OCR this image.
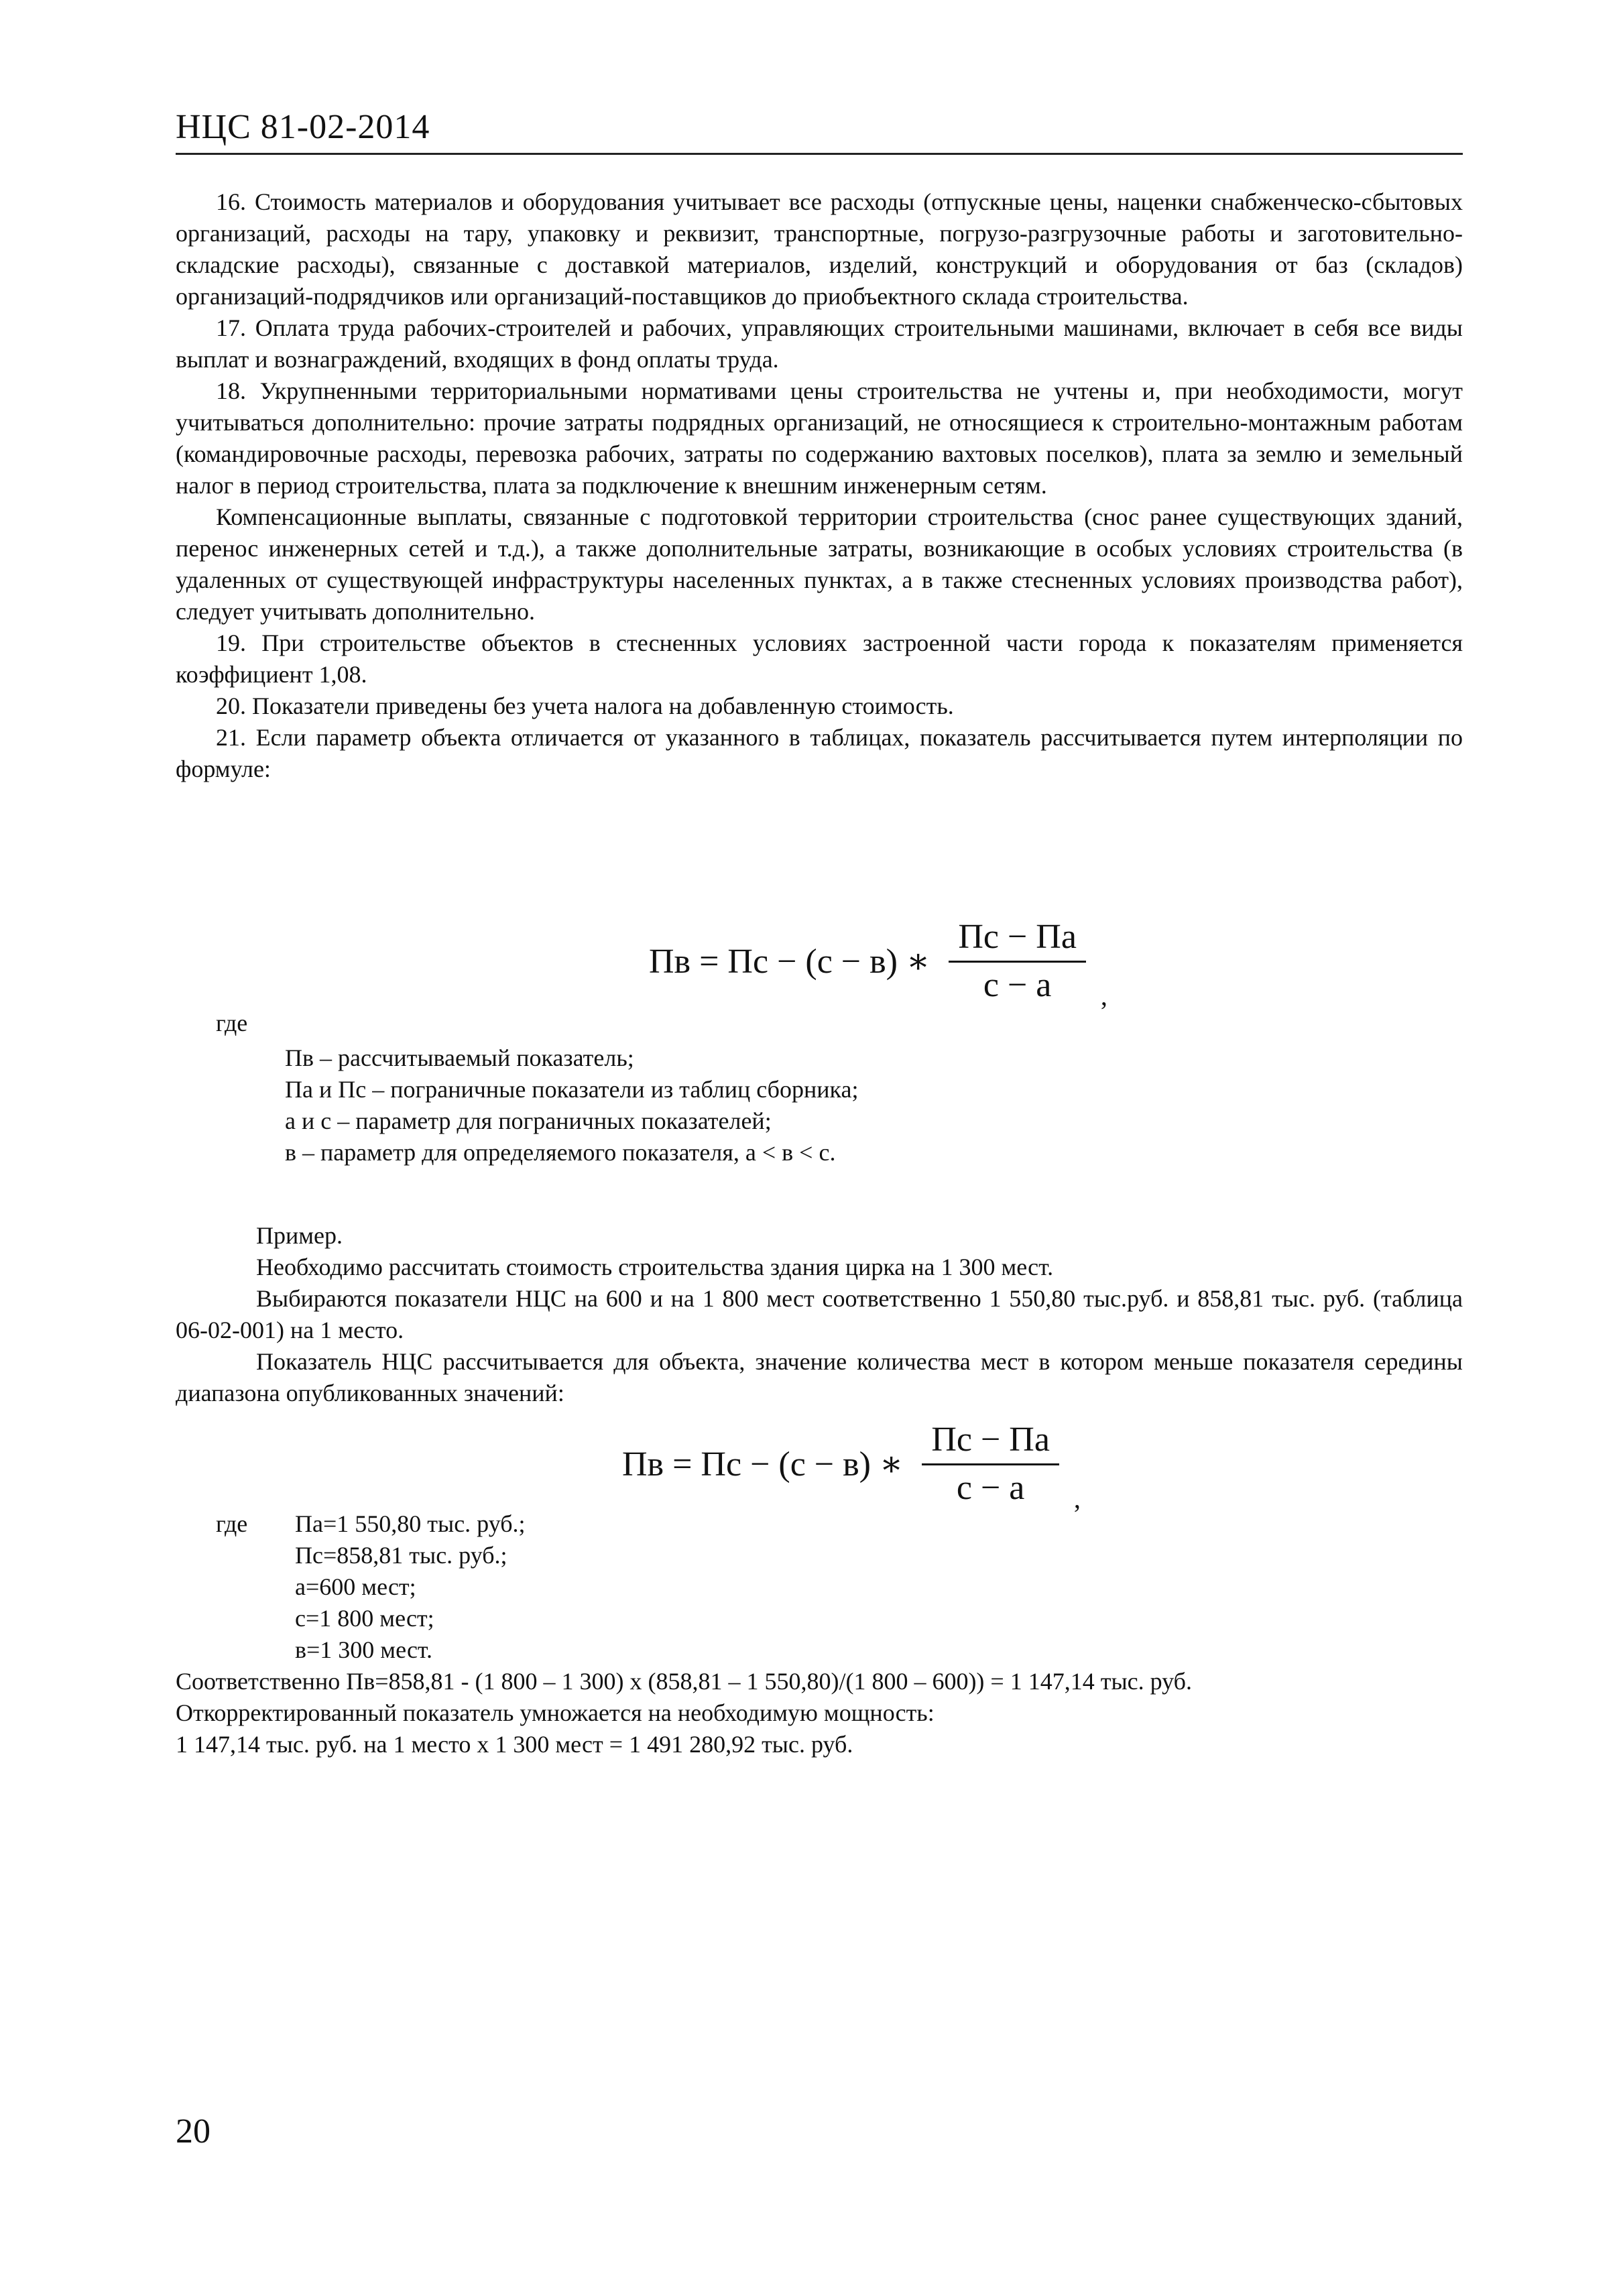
НЦС 81-02-2014

16. Стоимость материалов и оборудования учитывает все расходы (отпускные цены, наценки снабженческо-сбытовых организаций, расходы на тару, упаковку и реквизит, транспортные, погрузо-разгрузочные работы и заготовительно-складские расходы), связанные с доставкой материалов, изделий, конструкций и оборудования от баз (складов) организаций-подрядчиков или организаций-поставщиков до приобъектного склада строительства.

17. Оплата труда рабочих-строителей и рабочих, управляющих строительными машинами, включает в себя все виды выплат и вознаграждений, входящих в фонд оплаты труда.

18. Укрупненными территориальными нормативами цены строительства не учтены и, при необходимости, могут учитываться дополнительно: прочие затраты подрядных организаций, не относящиеся к строительно-монтажным работам (командировочные расходы, перевозка рабочих, затраты по содержанию вахтовых поселков), плата за землю и земельный налог в период строительства, плата за подключение к внешним инженерным сетям.

Компенсационные выплаты, связанные с подготовкой территории строительства (снос ранее существующих зданий, перенос инженерных сетей и т.д.), а также дополнительные затраты, возникающие в особых условиях строительства (в удаленных от существующей инфраструктуры населенных пунктах, а в также стесненных условиях производства работ), следует учитывать дополнительно.

19. При строительстве объектов в стесненных условиях застроенной части города к показателям применяется коэффициент 1,08.

20. Показатели приведены без учета налога на добавленную стоимость.

21. Если параметр объекта отличается от указанного в таблицах, показатель рассчитывается путем интерполяции по формуле:

Пв = Пс − (с − в) ∗ $\frac{Пс - Па}{с - а}$ ,
где
Пв – рассчитываемый показатель;
Па и Пс – пограничные показатели из таблиц сборника;
а и с – параметр для пограничных показателей;
в – параметр для определяемого показателя, а < в < с.

Пример.

Необходимо рассчитать стоимость строительства здания цирка на 1 300 мест.

Выбираются показатели НЦС на 600 и на 1 800 мест соответственно 1 550,80 тыс.руб. и 858,81 тыс. руб. (таблица 06-02-001) на 1 место.

Показатель НЦС рассчитывается для объекта, значение количества мест в котором меньше показателя середины диапазона опубликованных значений:

Пв = Пс − (с − в) ∗ $\frac{Пс - Па}{с - а}$ ,
где	Па=1 550,80 тыс. руб.;
Пс=858,81 тыс. руб.;
а=600 мест;
с=1 800 мест;
в=1 300 мест.
Соответственно Пв=858,81 - (1 800 – 1 300) х (858,81 – 1 550,80)/(1 800 – 600)) = 1 147,14 тыс. руб.
Откорректированный показатель умножается на необходимую мощность:
1 147,14 тыс. руб. на 1 место х 1 300 мест = 1 491 280,92 тыс. руб.
20
